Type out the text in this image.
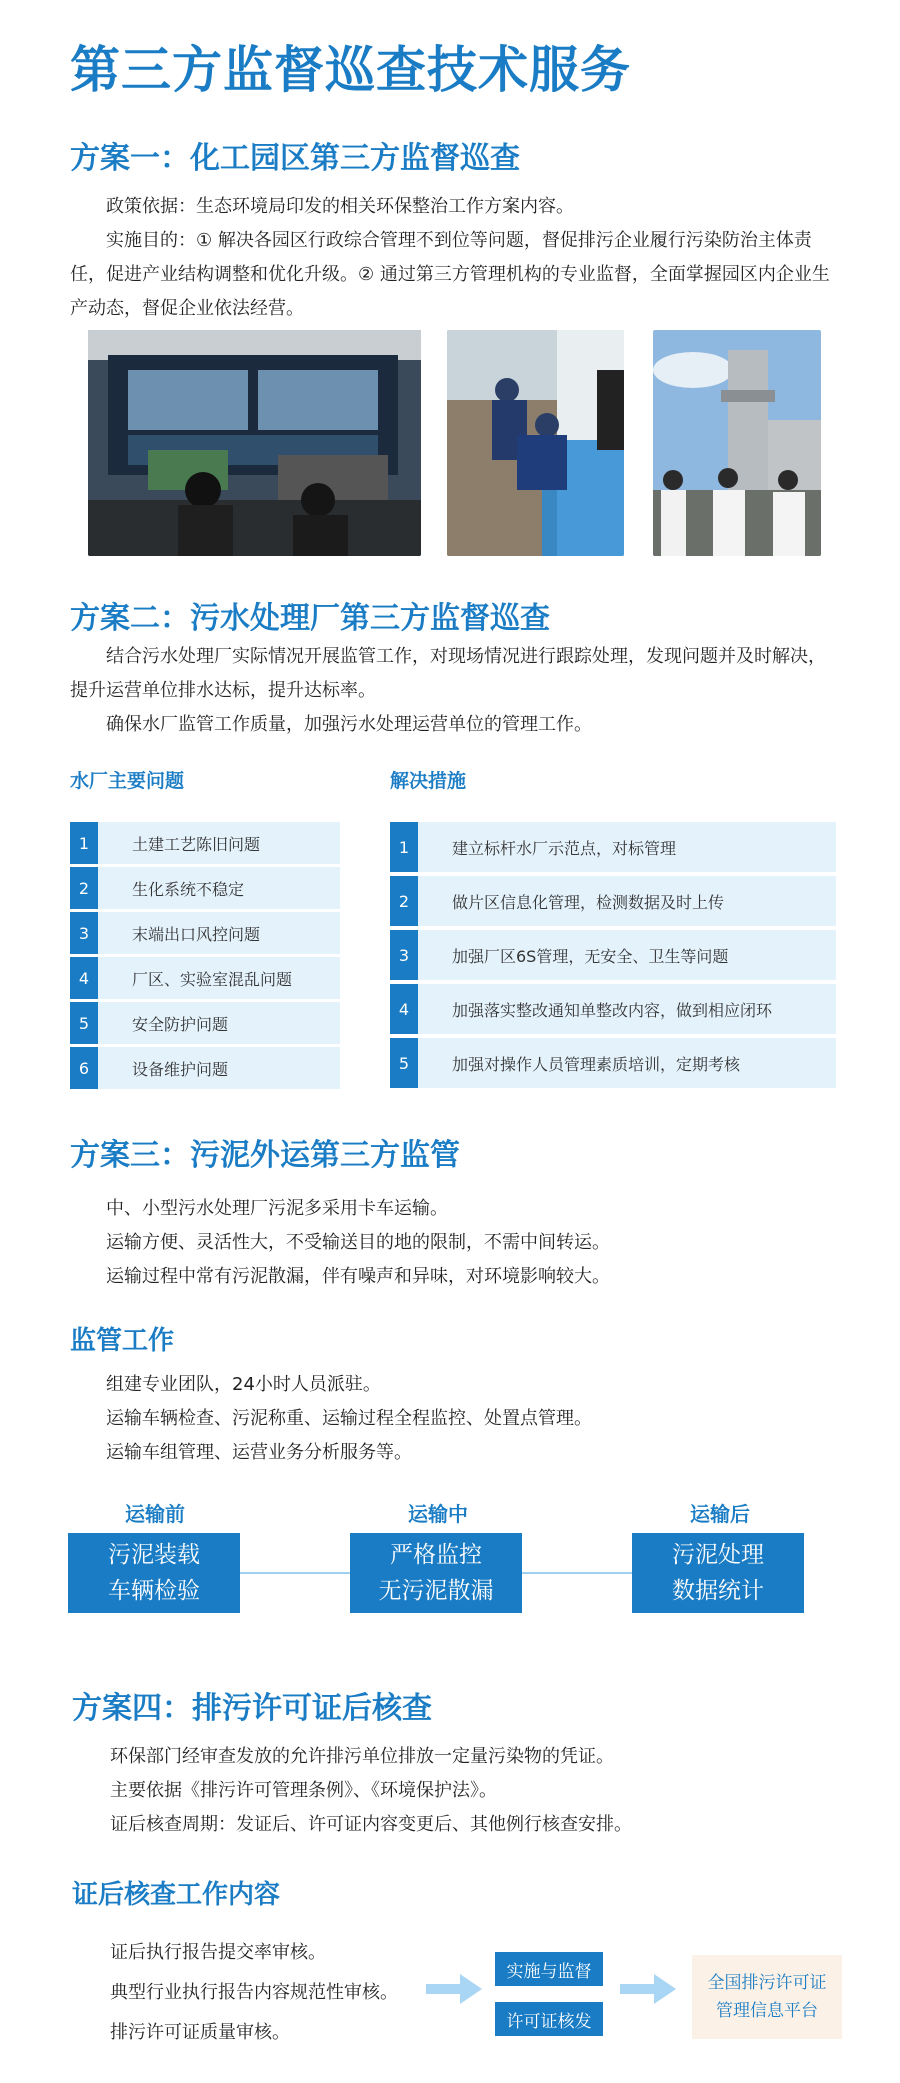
第三方监督巡查技术服务
方案一：化工园区第三方监督巡查

政策依据：生态环境局印发的相关环保整治工作方案内容。

实施目的：① 解决各园区行政综合管理不到位等问题，督促排污企业履行污染防治主体责任，促进产业结构调整和优化升级。② 通过第三方管理机构的专业监督，全面掌握园区内企业生产动态，督促企业依法经营。

方案二：污水处理厂第三方监督巡查

结合污水处理厂实际情况开展监管工作，对现场情况进行跟踪处理，发现问题并及时解决，提升运营单位排水达标，提升达标率。

确保水厂监管工作质量，加强污水处理运营单位的管理工作。

水厂主要问题	解决措施
1	土建工艺陈旧问题
2	生化系统不稳定
3	末端出口风控问题
4	厂区、实验室混乱问题
5	安全防护问题
6	设备维护问题
1	建立标杆水厂示范点，对标管理
2	做片区信息化管理，检测数据及时上传
3	加强厂区6S管理，无安全、卫生等问题
4	加强落实整改通知单整改内容，做到相应闭环
5	加强对操作人员管理素质培训，定期考核
方案三：污泥外运第三方监管

中、小型污水处理厂污泥多采用卡车运输。

运输方便、灵活性大，不受输送目的地的限制，不需中间转运。

运输过程中常有污泥散漏，伴有噪声和异味，对环境影响较大。

监管工作

组建专业团队，24小时人员派驻。

运输车辆检查、污泥称重、运输过程全程监控、处置点管理。

运输车组管理、运营业务分析服务等。

运输前	运输中	运输后
污泥装载
车辆检验
严格监控
无污泥散漏
污泥处理
数据统计
方案四：排污许可证后核查

环保部门经审查发放的允许排污单位排放一定量污染物的凭证。

主要依据《排污许可管理条例》、《环境保护法》。

证后核查周期：发证后、许可证内容变更后、其他例行核查安排。

证后核查工作内容

证后执行报告提交率审核。

典型行业执行报告内容规范性审核。

排污许可证质量审核。

实施与监督
许可证核发
全国排污许可证
管理信息平台
